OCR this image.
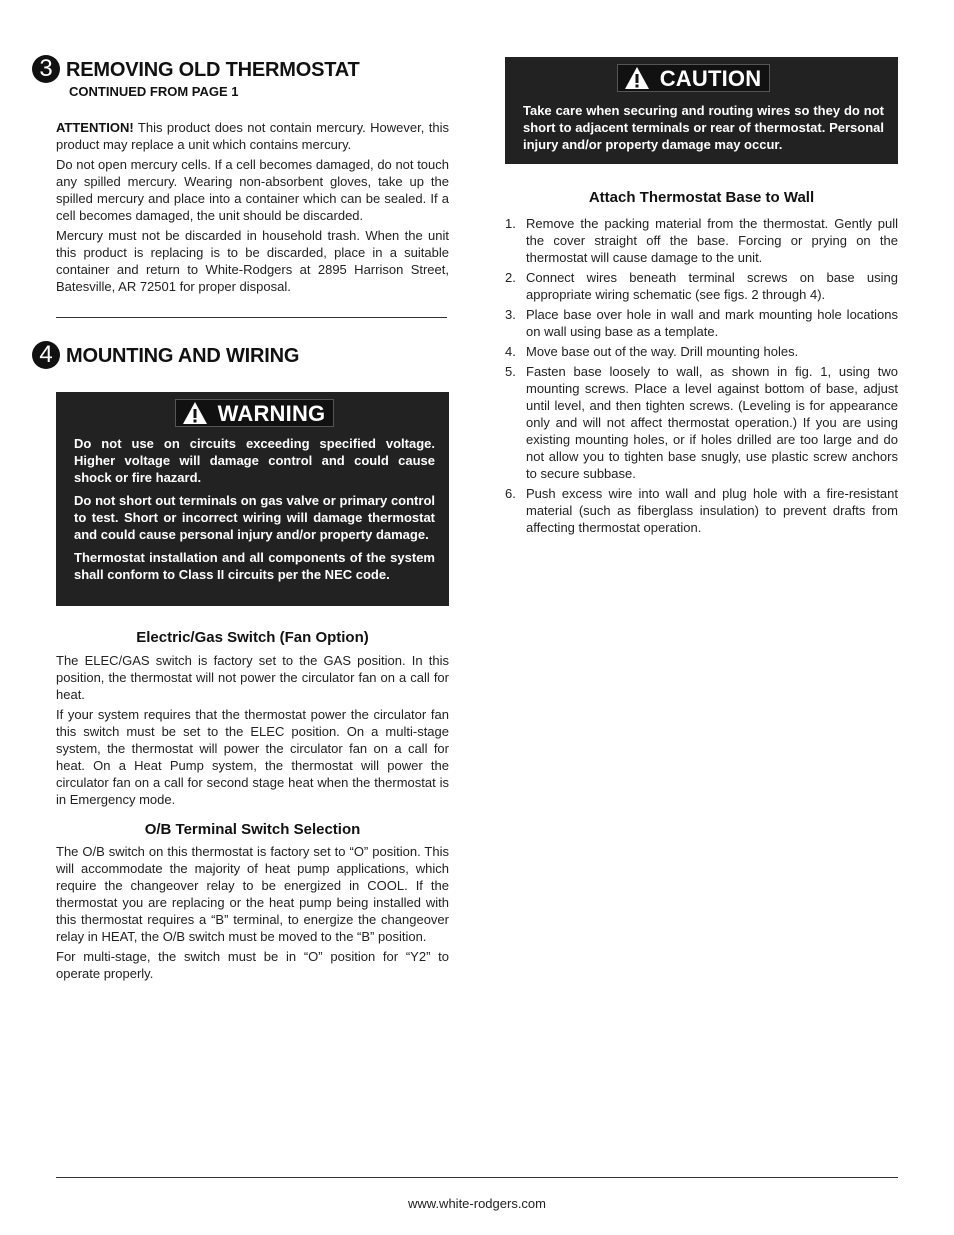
3 REMOVING OLD THERMOSTAT
CONTINUED FROM PAGE 1

ATTENTION! This product does not contain mercury. However, this product may replace a unit which contains mercury.

Do not open mercury cells. If a cell becomes damaged, do not touch any spilled mercury. Wearing non-absorbent gloves, take up the spilled mercury and place into a container which can be sealed. If a cell becomes damaged, the unit should be discarded.

Mercury must not be discarded in household trash. When the unit this product is replacing is to be discarded, place in a suitable container and return to White-Rodgers at 2895 Harrison Street, Batesville, AR 72501 for proper disposal.

4 MOUNTING AND WIRING
WARNING

Do not use on circuits exceeding specified voltage. Higher voltage will damage control and could cause shock or fire hazard.

Do not short out terminals on gas valve or primary control to test. Short or incorrect wiring will damage thermostat and could cause personal injury and/or property damage.

Thermostat installation and all components of the system shall conform to Class II circuits per the NEC code.

Electric/Gas Switch (Fan Option)

The ELEC/GAS switch is factory set to the GAS position. In this position, the thermostat will not power the circulator fan on a call for heat.

If your system requires that the thermostat power the circulator fan this switch must be set to the ELEC position. On a multi-stage system, the thermostat will power the circulator fan on a call for heat. On a Heat Pump system, the thermostat will power the circulator fan on a call for second stage heat when the thermostat is in Emergency mode.

O/B Terminal Switch Selection

The O/B switch on this thermostat is factory set to “O” position. This will accommodate the majority of heat pump applications, which require the changeover relay to be energized in COOL. If the thermostat you are replacing or the heat pump being installed with this thermostat requires a “B” terminal, to energize the changeover relay in HEAT, the O/B switch must be moved to the “B” position.

For multi-stage, the switch must be in “O” position for “Y2” to operate properly.

CAUTION

Take care when securing and routing wires so they do not short to adjacent terminals or rear of thermostat. Personal injury and/or property damage may occur.

Attach Thermostat Base to Wall
1. Remove the packing material from the thermostat. Gently pull the cover straight off the base. Forcing or prying on the thermostat will cause damage to the unit.
2. Connect wires beneath terminal screws on base using appropriate wiring schematic (see figs. 2 through 4).
3. Place base over hole in wall and mark mounting hole locations on wall using base as a template.
4. Move base out of the way. Drill mounting holes.
5. Fasten base loosely to wall, as shown in fig. 1, using two mounting screws. Place a level against bottom of base, adjust until level, and then tighten screws. (Leveling is for appearance only and will not affect thermostat operation.) If you are using existing mounting holes, or if holes drilled are too large and do not allow you to tighten base snugly, use plastic screw anchors to secure subbase.
6. Push excess wire into wall and plug hole with a fire-resistant material (such as fiberglass insulation) to prevent drafts from affecting thermostat operation.
www.white-rodgers.com
